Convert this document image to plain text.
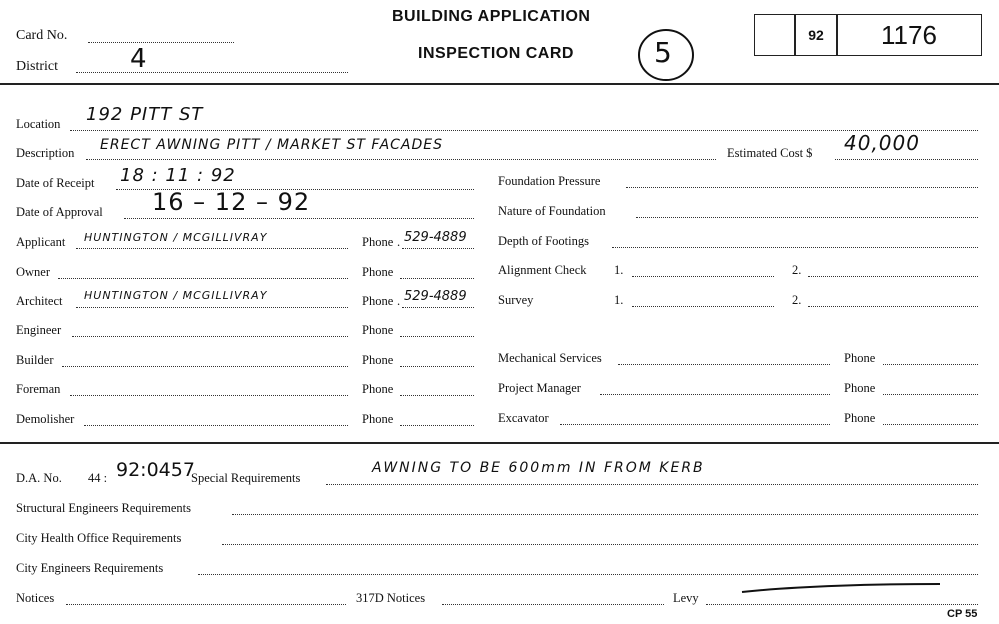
Card No.
District	4
BUILDING APPLICATION
INSPECTION CARD	5
92 1176
Location 192 PITT ST
Description ERECT AWNING PITT / MARKET ST FACADES	Estimated Cost $ 40,000
Date of Receipt 18 : 11 : 92
Date of Approval 16 – 12 – 92
Applicant HUNTINGTON / MCGILLIVRAY	Phone . 529-4889
Owner	Phone
Architect HUNTINGTON / MCGILLIVRAY	Phone . 529-4889
Engineer	Phone
Builder	Phone
Foreman	Phone
Demolisher	Phone
Foundation Pressure
Nature of Foundation
Depth of Footings
Alignment Check 1.	2.
Survey	1.	2.
Mechanical Services	Phone
Project Manager	Phone
Excavator	Phone
D.A. No. 44 : 92:0457
Special Requirements
AWNING TO BE 600mm IN FROM KERB
Structural Engineers Requirements
City Health Office Requirements
City Engineers Requirements
Notices	317D Notices	Levy
CP 55
